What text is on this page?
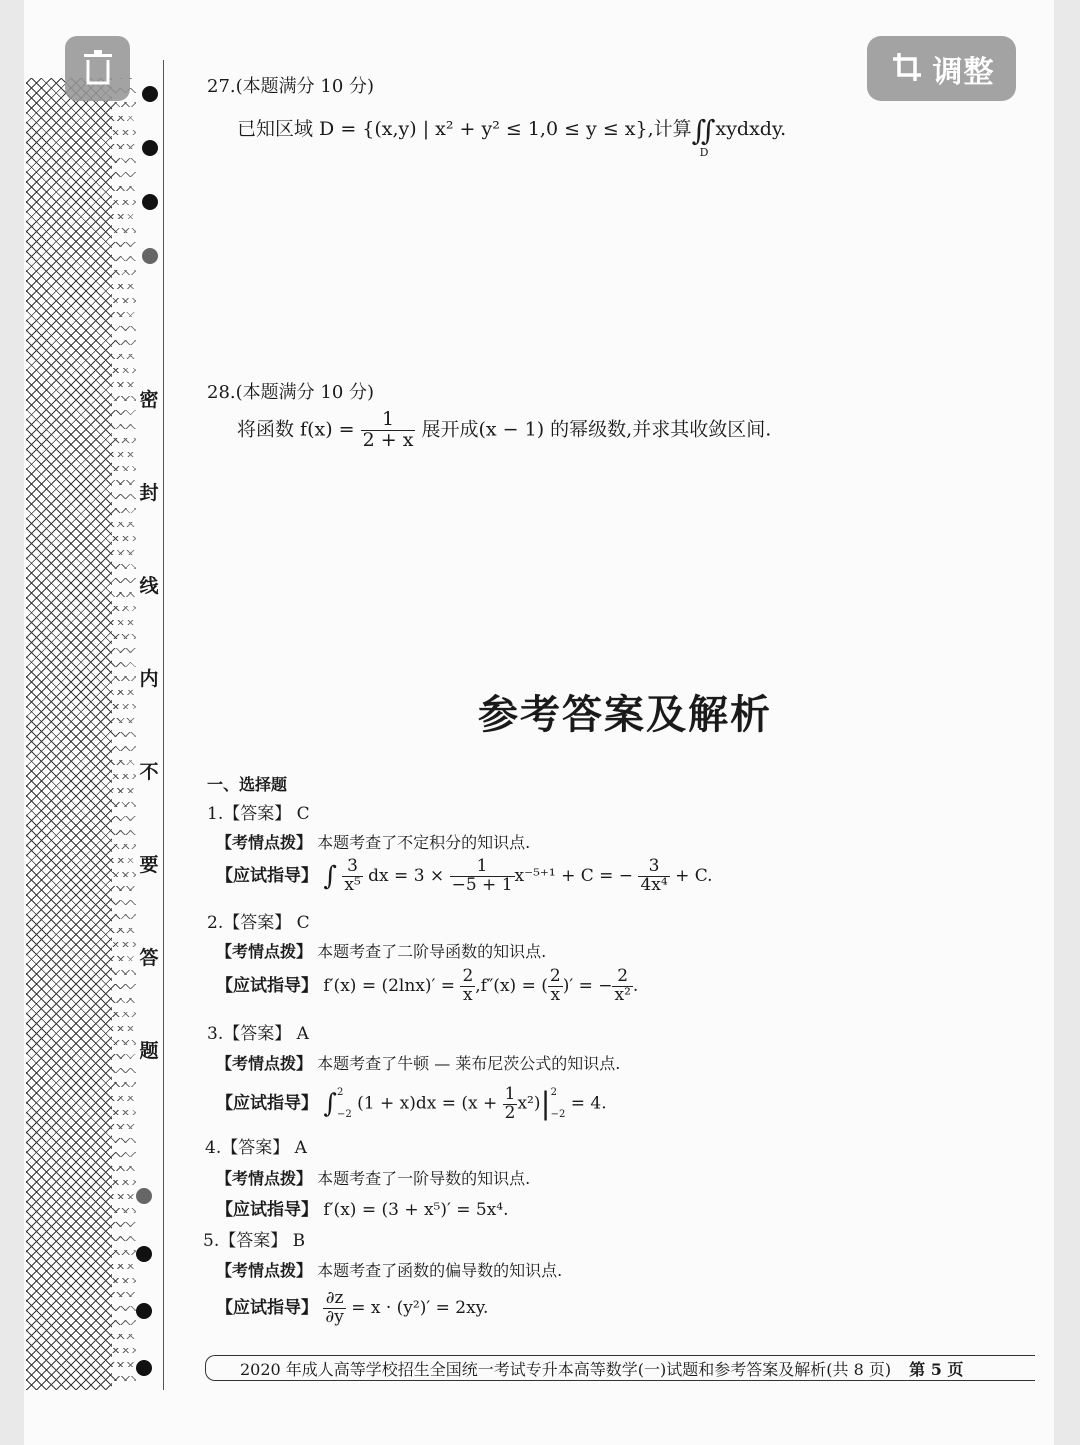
密
封
线
内
不
要
答
题
调整
27.(本题满分 10 分)
已知区域 D = {(x,y) | x² + y² ≤ 1,0 ≤ y ≤ x},计算∬
D
xydxdy.
28.(本题满分 10 分)
将函数 $f(x) = \frac{1}{2 + x}$ 展开成(x − 1) 的幂级数,并求其收敛区间.
参考答案及解析
一、选择题
1.【答案】 C
【考情点拨】 本题考查了不定积分的知识点.
【应试指导】 ∫ $\frac{3}{\text{x⁵}}$ dx = $3 \times \frac{1}{-5 + 1} x^{-5+1} + C$ = − $\frac{3}{\text{4x⁴}} + C$.
2.【答案】 C
【考情点拨】 本题考查了二阶导函数的知识点.
【应试指导】 $f'(x) = (2\ln x)' = \frac{2}{x} ,f''(x)$ = ( $\frac{2}{x}$ )′ = − $\frac{2}{\text{x²}}$ .
3.【答案】 A
【考情点拨】 本题考查了牛顿 — 莱布尼茨公式的知识点.
【应试指导】 ∫ 2
−2
$(1 + x)dx = (x + \frac{1}{2} x^2)|$ 2
−2
= 4.
4.【答案】 A
【考情点拨】 本题考查了一阶导数的知识点.
【应试指导】 f′(x) = (3 + x⁵)′ = 5x⁴.
5.【答案】 B
【考情点拨】 本题考查了函数的偏导数的知识点.
【应试指导】 $\frac{\partial z}{\partial y} = x \cdot (y^2)' = 2xy$.
2020 年成人高等学校招生全国统一考试专升本高等数学(一)试题和参考答案及解析(共 8 页) 第 5 页
